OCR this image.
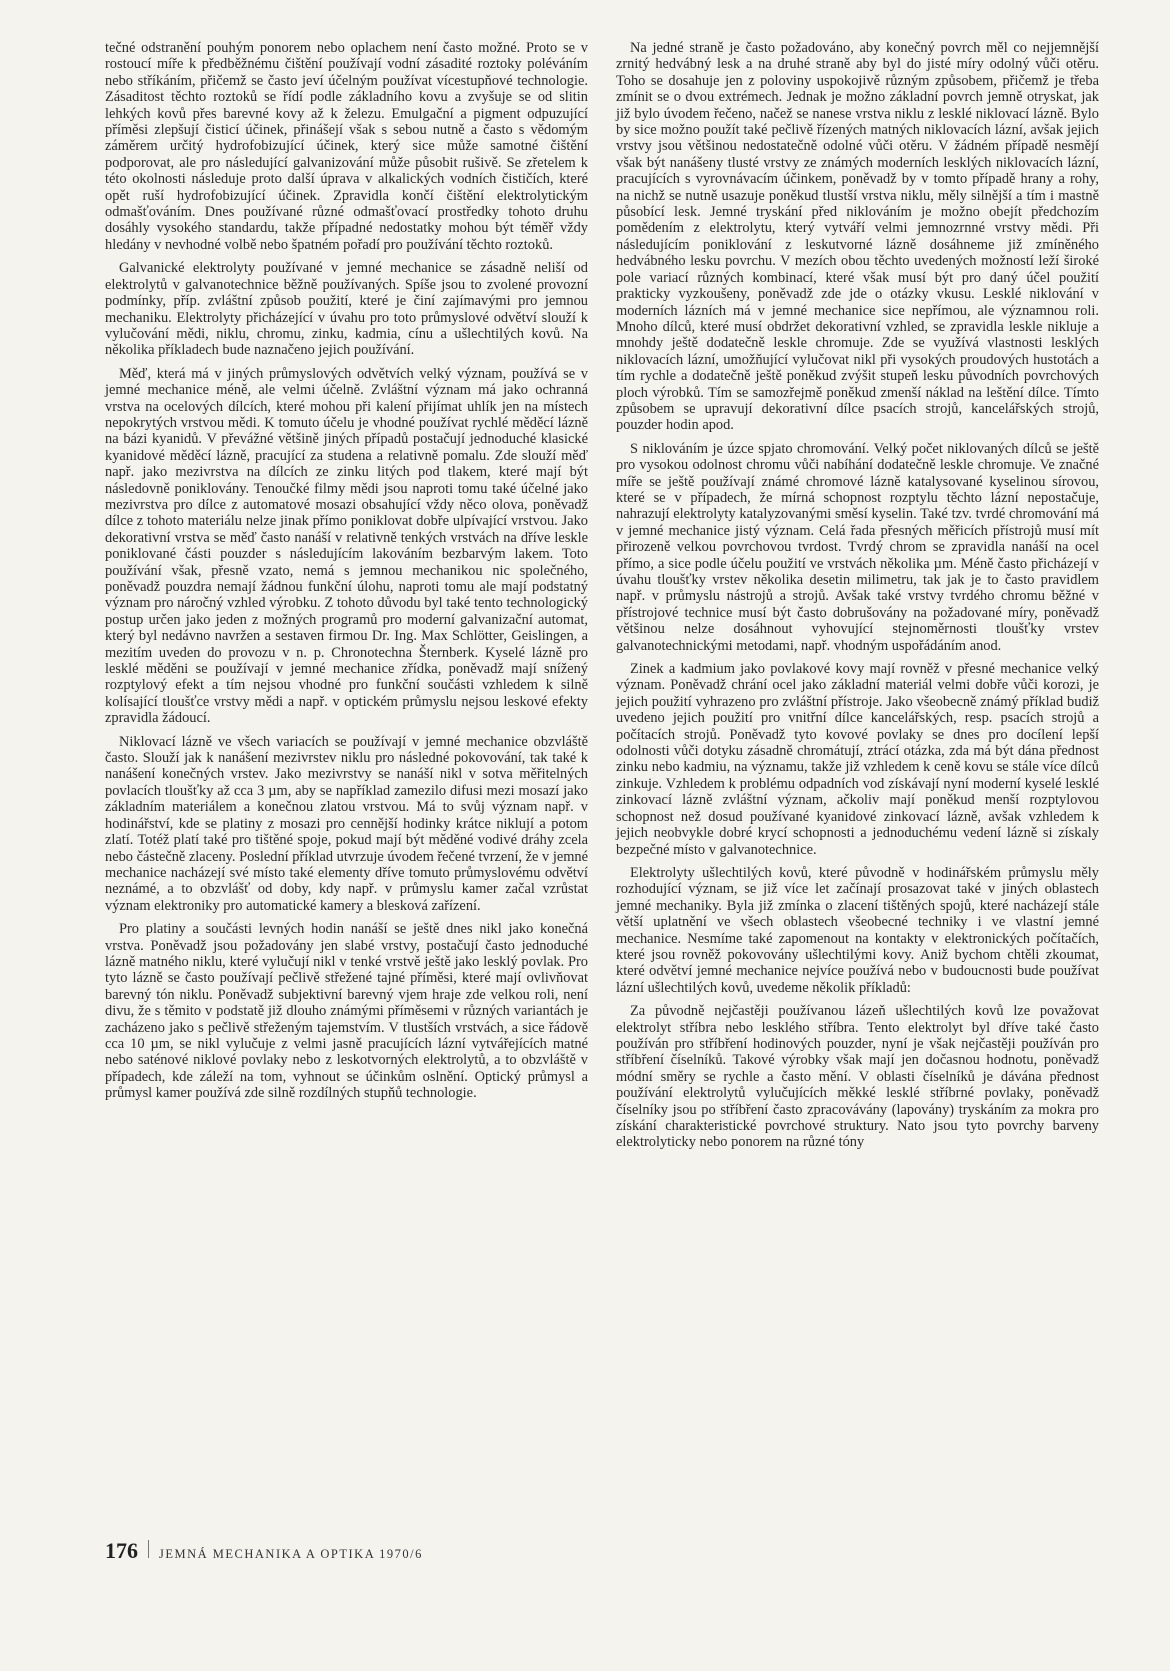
tečné odstranění pouhým ponorem nebo oplachem není často možné. Proto se v rostoucí míře k předběžnému čištění používají vodní zásadité roztoky poléváním nebo stříkáním, přičemž se často jeví účelným používat vícestupňové technologie. Zásaditost těchto roztoků se řídí podle základního kovu a zvyšuje se od slitin lehkých kovů přes barevné kovy až k železu. Emulgační a pigment odpuzující příměsi zlepšují čisticí účinek, přinášejí však s sebou nutně a často s vědomým záměrem určitý hydrofobizující účinek, který sice může samotné čištění podporovat, ale pro následující galvanizování může působit rušivě. Se zřetelem k této okolnosti následuje proto další úprava v alkalických vodních čističích, které opět ruší hydrofobizující účinek. Zpravidla končí čištění elektrolytickým odmašťováním. Dnes používané různé odmašťovací prostředky tohoto druhu dosáhly vysokého standardu, takže případné nedostatky mohou být téměř vždy hledány v nevhodné volbě nebo špatném pořadí pro používání těchto roztoků.

Galvanické elektrolyty používané v jemné mechanice se zásadně neliší od elektrolytů v galvanotechnice běžně používaných. Spíše jsou to zvolené provozní podmínky, příp. zvláštní způsob použití, které je činí zajímavými pro jemnou mechaniku. Elektrolyty přicházející v úvahu pro toto průmyslové odvětví slouží k vylučování mědi, niklu, chromu, zinku, kadmia, cínu a ušlechtilých kovů. Na několika příkladech bude naznačeno jejich používání.

Měď, která má v jiných průmyslových odvětvích velký význam, používá se v jemné mechanice méně, ale velmi účelně. Zvláštní význam má jako ochranná vrstva na ocelových dílcích, které mohou při kalení přijímat uhlík jen na místech nepokrytých vrstvou mědi. K tomuto účelu je vhodné používat rychlé měděcí lázně na bázi kyanidů. V převážné většině jiných případů postačují jednoduché klasické kyanidové měděcí lázně, pracující za studena a relativně pomalu. Zde slouží měď např. jako mezivrstva na dílcích ze zinku litých pod tlakem, které mají být následovně poniklovány. Tenoučké filmy mědi jsou naproti tomu také účelné jako mezivrstva pro dílce z automatové mosazi obsahující vždy něco olova, poněvadž dílce z tohoto materiálu nelze jinak přímo poniklovat dobře ulpívající vrstvou. Jako dekorativní vrstva se měď často nanáší v relativně tenkých vrstvách na dříve leskle poniklované části pouzder s následujícím lakováním bezbarvým lakem. Toto používání však, přesně vzato, nemá s jemnou mechanikou nic společného, poněvadž pouzdra nemají žádnou funkční úlohu, naproti tomu ale mají podstatný význam pro náročný vzhled výrobku. Z tohoto důvodu byl také tento technologický postup určen jako jeden z možných programů pro moderní galvanizační automat, který byl nedávno navržen a sestaven firmou Dr. Ing. Max Schlötter, Geislingen, a mezitím uveden do provozu v n. p. Chronotechna Šternberk. Kyselé lázně pro lesklé měděni se používají v jemné mechanice zřídka, poněvadž mají snížený rozptylový efekt a tím nejsou vhodné pro funkční součásti vzhledem k silně kolísající tloušťce vrstvy mědi a např. v optickém průmyslu nejsou leskové efekty zpravidla žádoucí.

Niklovací lázně ve všech variacích se používají v jemné mechanice obzvláště často. Slouží jak k nanášení mezivrstev niklu pro následné pokovování, tak také k nanášení konečných vrstev. Jako mezivrstvy se nanáší nikl v sotva měřitelných povlacích tloušťky až cca 3 µm, aby se například zamezilo difusi mezi mosazí jako základním materiálem a konečnou zlatou vrstvou. Má to svůj význam např. v hodinářství, kde se platiny z mosazi pro cennější hodinky krátce niklují a potom zlatí. Totéž platí také pro tištěné spoje, pokud mají být měděné vodivé dráhy zcela nebo částečně zlaceny. Poslední příklad utvrzuje úvodem řečené tvrzení, že v jemné mechanice nacházejí své místo také elementy dříve tomuto průmyslovému odvětví neznámé, a to obzvlášť od doby, kdy např. v průmyslu kamer začal vzrůstat význam elektroniky pro automatické kamery a blesková zařízení.

Pro platiny a součásti levných hodin nanáší se ještě dnes nikl jako konečná vrstva. Poněvadž jsou požadovány jen slabé vrstvy, postačují často jednoduché lázně matného niklu, které vylučují nikl v tenké vrstvě ještě jako lesklý povlak. Pro tyto lázně se často používají pečlivě střežené tajné příměsi, které mají ovlivňovat barevný tón niklu. Poněvadž subjektivní barevný vjem hraje zde velkou roli, není divu, že s těmito v podstatě již dlouho známými příměsemi v různých variantách je zacházeno jako s pečlivě střeženým tajemstvím. V tlustších vrstvách, a sice řádově cca 10 µm, se nikl vylučuje z velmi jasně pracujících lázní vytvářejících matné nebo saténové niklové povlaky nebo z leskotvorných elektrolytů, a to obzvláště v případech, kde záleží na tom, vyhnout se účinkům oslnění. Optický průmysl a průmysl kamer používá zde silně rozdílných stupňů technologie.

Na jedné straně je často požadováno, aby konečný povrch měl co nejjemnější zrnitý hedvábný lesk a na druhé straně aby byl do jisté míry odolný vůči otěru. Toho se dosahuje jen z poloviny uspokojivě různým způsobem, přičemž je třeba zmínit se o dvou extrémech. Jednak je možno základní povrch jemně otryskat, jak již bylo úvodem řečeno, načež se nanese vrstva niklu z lesklé niklovací lázně. Bylo by sice možno použít také pečlivě řízených matných niklovacích lázní, avšak jejich vrstvy jsou většinou nedostatečně odolné vůči otěru. V žádném případě nesmějí však být nanášeny tlusté vrstvy ze známých moderních lesklých niklovacích lázní, pracujících s vyrovnávacím účinkem, poněvadž by v tomto případě hrany a rohy, na nichž se nutně usazuje poněkud tlustší vrstva niklu, měly silnější a tím i mastně působící lesk. Jemné tryskání před niklováním je možno obejít předchozím pomědením z elektrolytu, který vytváří velmi jemnozrnné vrstvy mědi. Při následujícím poniklování z leskutvorné lázně dosáhneme již zmíněného hedvábného lesku povrchu. V mezích obou těchto uvedených možností leží široké pole variací různých kombinací, které však musí být pro daný účel použití prakticky vyzkoušeny, poněvadž zde jde o otázky vkusu. Lesklé niklování v moderních lázních má v jemné mechanice sice nepřímou, ale významnou roli. Mnoho dílců, které musí obdržet dekorativní vzhled, se zpravidla leskle nikluje a mnohdy ještě dodatečně leskle chromuje. Zde se využívá vlastnosti lesklých niklovacích lázní, umožňující vylučovat nikl při vysokých proudových hustotách a tím rychle a dodatečně ještě poněkud zvýšit stupeň lesku původních povrchových ploch výrobků. Tím se samozřejmě poněkud zmenší náklad na leštění dílce. Tímto způsobem se upravují dekorativní dílce psacích strojů, kancelářských strojů, pouzder hodin apod.

S niklováním je úzce spjato chromování. Velký počet niklovaných dílců se ještě pro vysokou odolnost chromu vůči nabíhání dodatečně leskle chromuje. Ve značné míře se ještě používají známé chromové lázně katalysované kyselinou sírovou, které se v případech, že mírná schopnost rozptylu těchto lázní nepostačuje, nahrazují elektrolyty katalyzovanými směsí kyselin. Také tzv. tvrdé chromování má v jemné mechanice jistý význam. Celá řada přesných měřicích přístrojů musí mít přirozeně velkou povrchovou tvrdost. Tvrdý chrom se zpravidla nanáší na ocel přímo, a sice podle účelu použití ve vrstvách několika µm. Méně často přicházejí v úvahu tloušťky vrstev několika desetin milimetru, tak jak je to často pravidlem např. v průmyslu nástrojů a strojů. Avšak také vrstvy tvrdého chromu běžné v přístrojové technice musí být často dobrušovány na požadované míry, poněvadž většinou nelze dosáhnout vyhovující stejnoměrnosti tloušťky vrstev galvanotechnickými metodami, např. vhodným uspořádáním anod.

Zinek a kadmium jako povlakové kovy mají rovněž v přesné mechanice velký význam. Poněvadž chrání ocel jako základní materiál velmi dobře vůči korozi, je jejich použití vyhrazeno pro zvláštní přístroje. Jako všeobecně známý příklad budiž uvedeno jejich použití pro vnitřní dílce kancelářských, resp. psacích strojů a počítacích strojů. Poněvadž tyto kovové povlaky se dnes pro docílení lepší odolnosti vůči dotyku zásadně chromátují, ztrácí otázka, zda má být dána přednost zinku nebo kadmiu, na významu, takže již vzhledem k ceně kovu se stále více dílců zinkuje. Vzhledem k problému odpadních vod získávají nyní moderní kyselé lesklé zinkovací lázně zvláštní význam, ačkoliv mají poněkud menší rozptylovou schopnost než dosud používané kyanidové zinkovací lázně, avšak vzhledem k jejich neobvykle dobré krycí schopnosti a jednoduchému vedení lázně si získaly bezpečné místo v galvanotechnice.

Elektrolyty ušlechtilých kovů, které původně v hodinářském průmyslu měly rozhodující význam, se již více let začínají prosazovat také v jiných oblastech jemné mechaniky. Byla již zmínka o zlacení tištěných spojů, které nacházejí stále větší uplatnění ve všech oblastech všeobecné techniky i ve vlastní jemné mechanice. Nesmíme také zapomenout na kontakty v elektronických počítačích, které jsou rovněž pokovovány ušlechtilými kovy. Aniž bychom chtěli zkoumat, které odvětví jemné mechanice nejvíce používá nebo v budoucnosti bude používat lázní ušlechtilých kovů, uvedeme několik příkladů:

Za původně nejčastěji používanou lázeň ušlechtilých kovů lze považovat elektrolyt stříbra nebo lesklého stříbra. Tento elektrolyt byl dříve také často používán pro stříbření hodinových pouzder, nyní je však nejčastěji používán pro stříbření číselníků. Takové výrobky však mají jen dočasnou hodnotu, poněvadž módní směry se rychle a často mění. V oblasti číselníků je dávána přednost používání elektrolytů vylučujících měkké lesklé stříbrné povlaky, poněvadž číselníky jsou po stříbření často zpracovávány (lapovány) tryskáním za mokra pro získání charakteristické povrchové struktury. Nato jsou tyto povrchy barveny elektrolyticky nebo ponorem na různé tóny

176 JEMNÁ MECHANIKA A OPTIKA 1970/6
